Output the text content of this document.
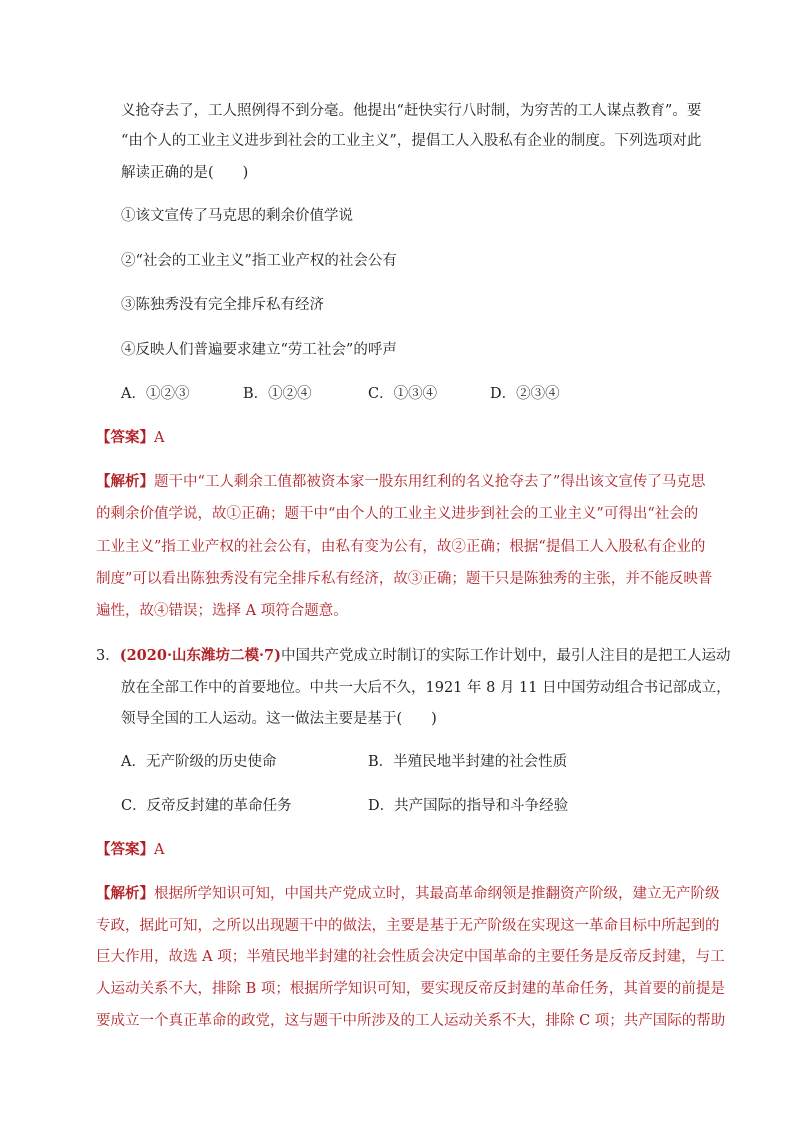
义抢夺去了，工人照例得不到分毫。他提出“赶快实行八时制，为穷苦的工人谋点教育”。要
“由个人的工业主义进步到社会的工业主义”，提倡工人入股私有企业的制度。下列选项对此
解读正确的是(　　)
①该文宣传了马克思的剩余价值学说
②“社会的工业主义”指工业产权的社会公有
③陈独秀没有完全排斥私有经济
④反映人们普遍要求建立“劳工社会”的呼声
A．①②③	B．①②④	C．①③④	D．②③④
【答案】A
【解析】题干中“工人剩余工值都被资本家一股东用红利的名义抢夺去了”得出该文宣传了马克思
的剩余价值学说，故①正确；题干中“由个人的工业主义进步到社会的工业主义”可得出“社会的
工业主义”指工业产权的社会公有，由私有变为公有，故②正确；根据“提倡工人入股私有企业的
制度”可以看出陈独秀没有完全排斥私有经济，故③正确；题干只是陈独秀的主张，并不能反映普
遍性，故④错误；选择 A 项符合题意。
3．(2020·山东潍坊二模·7)中国共产党成立时制订的实际工作计划中，最引人注目的是把工人运动
放在全部工作中的首要地位。中共一大后不久，1921 年 8 月 11 日中国劳动组合书记部成立，
领导全国的工人运动。这一做法主要是基于(　　)
A．无产阶级的历史使命	B．半殖民地半封建的社会性质
C．反帝反封建的革命任务	D．共产国际的指导和斗争经验
【答案】A
【解析】根据所学知识可知，中国共产党成立时，其最高革命纲领是推翻资产阶级，建立无产阶级
专政，据此可知，之所以出现题干中的做法，主要是基于无产阶级在实现这一革命目标中所起到的
巨大作用，故选 A 项；半殖民地半封建的社会性质会决定中国革命的主要任务是反帝反封建，与工
人运动关系不大，排除 B 项；根据所学知识可知，要实现反帝反封建的革命任务，其首要的前提是
要成立一个真正革命的政党，这与题干中所涉及的工人运动关系不大，排除 C 项；共产国际的帮助
